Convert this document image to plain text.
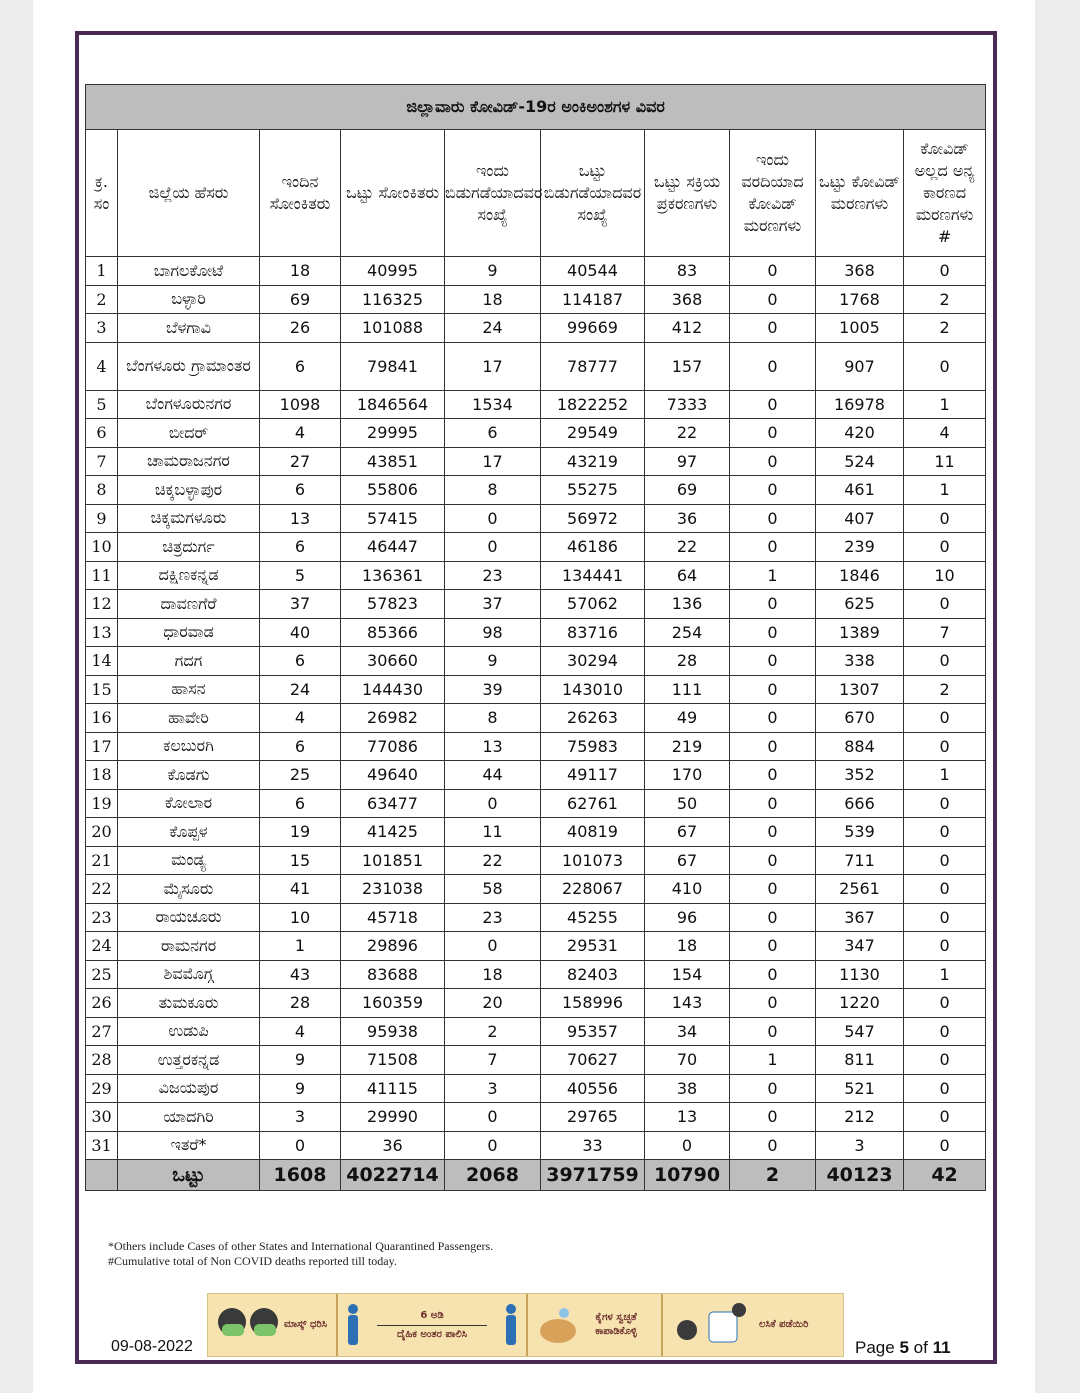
ಜಿಲ್ಲಾವಾರು ಕೋವಿಡ್-19ರ ಅಂಕಿಅಂಶಗಳ ವಿವರ									
ಕ್ರ. ಸಂ	ಜಿಲ್ಲೆಯ ಹೆಸರು	ಇಂದಿನ ಸೋಂಕಿತರು	ಒಟ್ಟು ಸೋಂಕಿತರು	ಇಂದು ಬಿಡುಗಡೆಯಾದವರ ಸಂಖ್ಯೆ	ಒಟ್ಟು ಬಿಡುಗಡೆಯಾದವರ ಸಂಖ್ಯೆ	ಒಟ್ಟು ಸಕ್ರಿಯ ಪ್ರಕರಣಗಳು	ಇಂದು ವರದಿಯಾದ ಕೋವಿಡ್ ಮರಣಗಳು	ಒಟ್ಟು ಕೋವಿಡ್ ಮರಣಗಳು	ಕೋವಿಡ್ ಅಲ್ಲದ ಅನ್ಯ ಕಾರಣದ ಮರಣಗಳು
#
1	ಬಾಗಲಕೋಟೆ	18	40995	9	40544	83	0	368	0
2	ಬಳ್ಳಾರಿ	69	116325	18	114187	368	0	1768	2
3	ಬೆಳಗಾವಿ	26	101088	24	99669	412	0	1005	2
4	ಬೆಂಗಳೂರು ಗ್ರಾಮಾಂತರ	6	79841	17	78777	157	0	907	0
5	ಬೆಂಗಳೂರುನಗರ	1098	1846564	1534	1822252	7333	0	16978	1
6	ಬೀದರ್	4	29995	6	29549	22	0	420	4
7	ಚಾಮರಾಜನಗರ	27	43851	17	43219	97	0	524	11
8	ಚಿಕ್ಕಬಳ್ಳಾಪುರ	6	55806	8	55275	69	0	461	1
9	ಚಿಕ್ಕಮಗಳೂರು	13	57415	0	56972	36	0	407	0
10	ಚಿತ್ರದುರ್ಗ	6	46447	0	46186	22	0	239	0
11	ದಕ್ಷಿಣಕನ್ನಡ	5	136361	23	134441	64	1	1846	10
12	ದಾವಣಗೆರೆ	37	57823	37	57062	136	0	625	0
13	ಧಾರವಾಡ	40	85366	98	83716	254	0	1389	7
14	ಗದಗ	6	30660	9	30294	28	0	338	0
15	ಹಾಸನ	24	144430	39	143010	111	0	1307	2
16	ಹಾವೇರಿ	4	26982	8	26263	49	0	670	0
17	ಕಲಬುರಗಿ	6	77086	13	75983	219	0	884	0
18	ಕೊಡಗು	25	49640	44	49117	170	0	352	1
19	ಕೋಲಾರ	6	63477	0	62761	50	0	666	0
20	ಕೊಪ್ಪಳ	19	41425	11	40819	67	0	539	0
21	ಮಂಡ್ಯ	15	101851	22	101073	67	0	711	0
22	ಮೈಸೂರು	41	231038	58	228067	410	0	2561	0
23	ರಾಯಚೂರು	10	45718	23	45255	96	0	367	0
24	ರಾಮನಗರ	1	29896	0	29531	18	0	347	0
25	ಶಿವಮೊಗ್ಗ	43	83688	18	82403	154	0	1130	1
26	ತುಮಕೂರು	28	160359	20	158996	143	0	1220	0
27	ಉಡುಪಿ	4	95938	2	95357	34	0	547	0
28	ಉತ್ತರಕನ್ನಡ	9	71508	7	70627	70	1	811	0
29	ವಿಜಯಪುರ	9	41115	3	40556	38	0	521	0
30	ಯಾದಗಿರಿ	3	29990	0	29765	13	0	212	0
31	ಇತರೆ*	0	36	0	33	0	0	3	0
	ಒಟ್ಟು	1608	4022714	2068	3971759	10790	2	40123	42
*Others include Cases of other States and International Quarantined Passengers.
#Cumulative total of Non COVID deaths reported till today.
ಮಾಸ್ಕ್ ಧರಿಸಿ
6 ಅಡಿ
ದೈಹಿಕ ಅಂತರ ಪಾಲಿಸಿ
ಕೈಗಳ ಸ್ವಚ್ಛತೆ ಕಾಪಾಡಿಕೊಳ್ಳಿ
ಲಸಿಕೆ ಪಡೆಯಿರಿ
09-08-2022	Page 5 of 11
